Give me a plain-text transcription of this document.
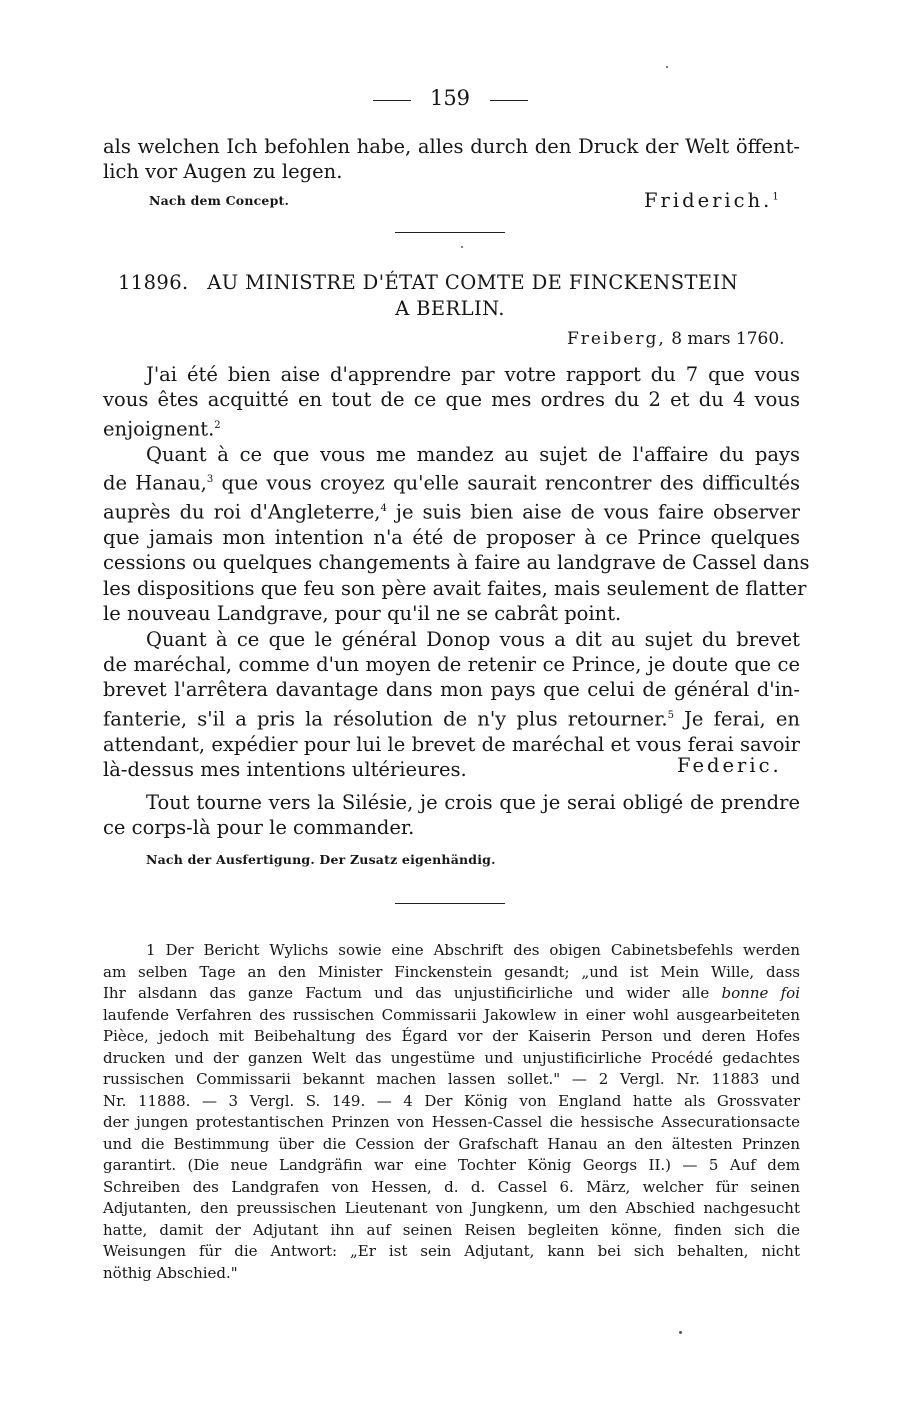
159
als welchen Ich befohlen habe, alles durch den Druck der Welt öffent-
lich vor Augen zu legen.
Nach dem Concept.	Friderich.$^1$
11896. AU MINISTRE D'ÉTAT COMTE DE FINCKENSTEIN
A BERLIN.
Freiberg, 8 mars 1760.
J'ai été bien aise d'apprendre par votre rapport du 7 que vous
vous êtes acquitté en tout de ce que mes ordres du 2 et du 4 vous
enjoignent.$^2$
Quant à ce que vous me mandez au sujet de l'affaire du pays
de Hanau,$^3$ que vous croyez qu'elle saurait rencontrer des difficultés
auprès du roi d'Angleterre,$^4$ je suis bien aise de vous faire observer
que jamais mon intention n'a été de proposer à ce Prince quelques
cessions ou quelques changements à faire au landgrave de Cassel dans
les dispositions que feu son père avait faites, mais seulement de flatter
le nouveau Landgrave, pour qu'il ne se cabrât point.
Quant à ce que le général Donop vous a dit au sujet du brevet
de maréchal, comme d'un moyen de retenir ce Prince, je doute que ce
brevet l'arrêtera davantage dans mon pays que celui de général d'in-
fanterie, s'il a pris la résolution de n'y plus retourner.$^5$ Je ferai, en
attendant, expédier pour lui le brevet de maréchal et vous ferai savoir
là-dessus mes intentions ultérieures.	Federic.
Tout tourne vers la Silésie, je crois que je serai obligé de prendre
ce corps-là pour le commander.
Nach der Ausfertigung. Der Zusatz eigenhändig.
1 Der Bericht Wylichs sowie eine Abschrift des obigen Cabinetsbefehls werden
am selben Tage an den Minister Finckenstein gesandt; „und ist Mein Wille, dass
Ihr alsdann das ganze Factum und das unjustificirliche und wider alle bonne foi
laufende Verfahren des russischen Commissarii Jakowlew in einer wohl ausgearbeiteten
Pièce, jedoch mit Beibehaltung des Égard vor der Kaiserin Person und deren Hofes
drucken und der ganzen Welt das ungestüme und unjustificirliche Procédé gedachtes
russischen Commissarii bekannt machen lassen sollet." — 2 Vergl. Nr. 11883 und
Nr. 11888. — 3 Vergl. S. 149. — 4 Der König von England hatte als Grossvater
der jungen protestantischen Prinzen von Hessen-Cassel die hessische Assecurationsacte
und die Bestimmung über die Cession der Grafschaft Hanau an den ältesten Prinzen
garantirt. (Die neue Landgräfin war eine Tochter König Georgs II.) — 5 Auf dem
Schreiben des Landgrafen von Hessen, d. d. Cassel 6. März, welcher für seinen
Adjutanten, den preussischen Lieutenant von Jungkenn, um den Abschied nachgesucht
hatte, damit der Adjutant ihn auf seinen Reisen begleiten könne, finden sich die
Weisungen für die Antwort: „Er ist sein Adjutant, kann bei sich behalten, nicht
nöthig Abschied."
